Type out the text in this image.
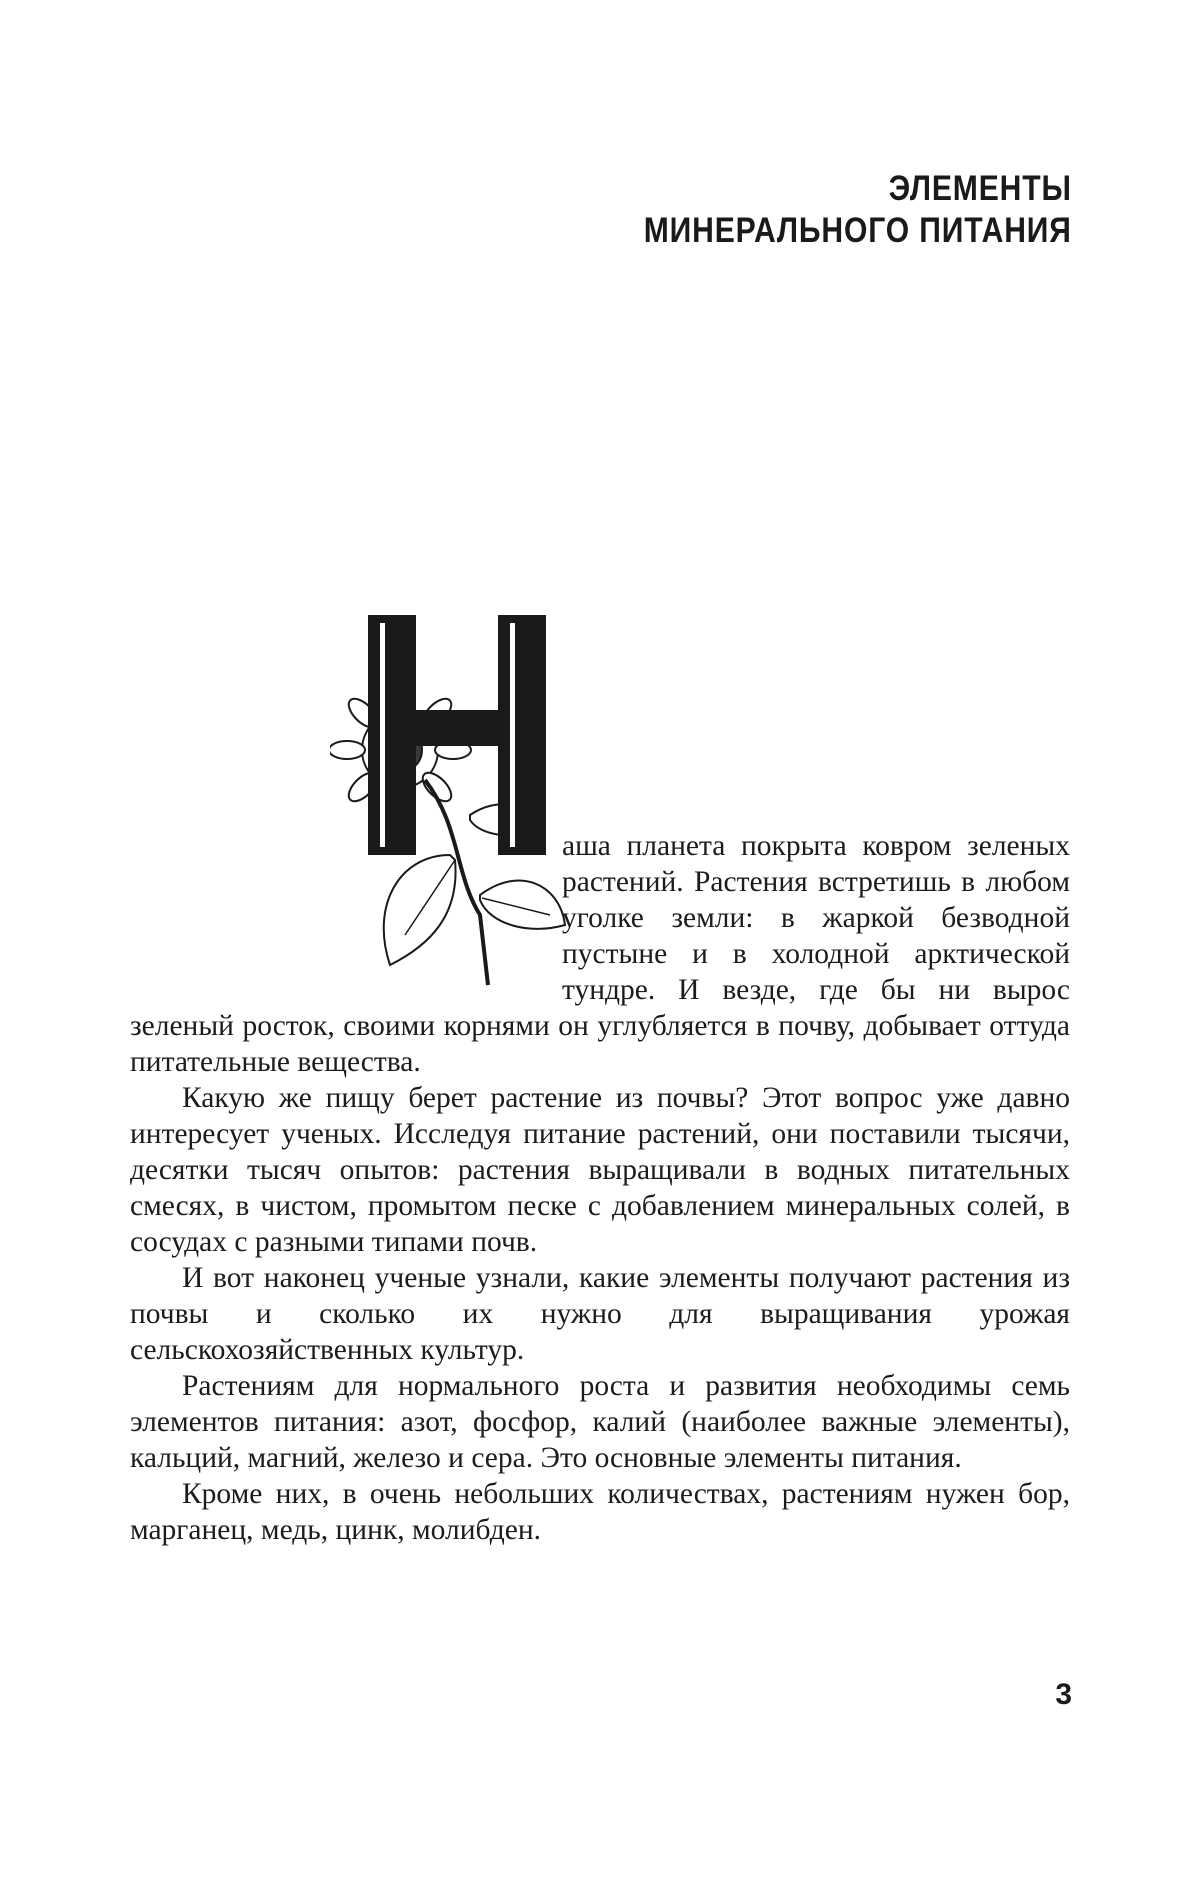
ЭЛЕМЕНТЫ
МИНЕРАЛЬНОГО ПИТАНИЯ

аша планета покрыта ковром зеленых растений. Растения встретишь в любом уголке земли: в жаркой безводной пустыне и в холодной арктической тундре. И везде, где бы ни вырос зеленый росток, своими корнями он углубляется в почву, добывает оттуда питательные вещества.

Какую же пищу берет растение из почвы? Этот вопрос уже давно интересует ученых. Исследуя питание растений, они поставили тысячи, десятки тысяч опытов: растения выращивали в водных питательных смесях, в чистом, промытом песке с добавлением минеральных солей, в сосудах с разными типами почв.

И вот наконец ученые узнали, какие элементы получают растения из почвы и сколько их нужно для выращивания урожая сельскохозяйственных культур.

Растениям для нормального роста и развития необходимы семь элементов питания: азот, фосфор, калий (наиболее важные элементы), кальций, магний, железо и сера. Это основные элементы питания.

Кроме них, в очень небольших количествах, растениям нужен бор, марганец, медь, цинк, молибден.

3
